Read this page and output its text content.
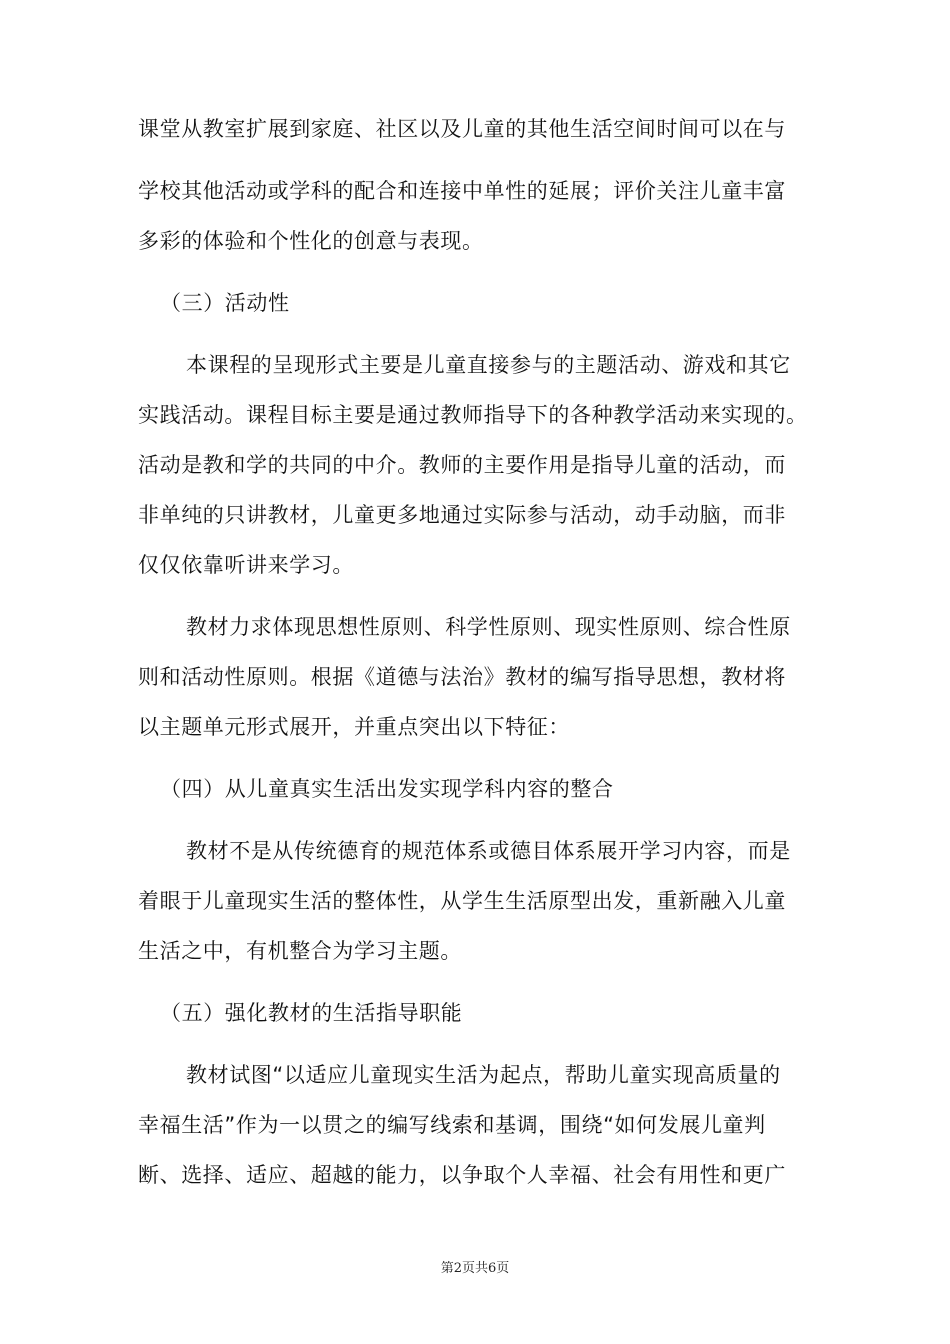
课堂从教室扩展到家庭、社区以及儿童的其他生活空间时间可以在与
学校其他活动或学科的配合和连接中单性的延展；评价关注儿童丰富
多彩的体验和个性化的创意与表现。
（三）活动性
本课程的呈现形式主要是儿童直接参与的主题活动、游戏和其它
实践活动。课程目标主要是通过教师指导下的各种教学活动来实现的。
活动是教和学的共同的中介。教师的主要作用是指导儿童的活动，而
非单纯的只讲教材，儿童更多地通过实际参与活动，动手动脑，而非
仅仅依靠听讲来学习。
教材力求体现思想性原则、科学性原则、现实性原则、综合性原
则和活动性原则。根据《道德与法治》教材的编写指导思想，教材将
以主题单元形式展开，并重点突出以下特征：
（四）从儿童真实生活出发实现学科内容的整合
教材不是从传统德育的规范体系或德目体系展开学习内容，而是
着眼于儿童现实生活的整体性，从学生生活原型出发，重新融入儿童
生活之中，有机整合为学习主题。
（五）强化教材的生活指导职能
教材试图“以适应儿童现实生活为起点，帮助儿童实现高质量的
幸福生活”作为一以贯之的编写线索和基调，围绕“如何发展儿童判
断、选择、适应、超越的能力，以争取个人幸福、社会有用性和更广
第2页共6页
